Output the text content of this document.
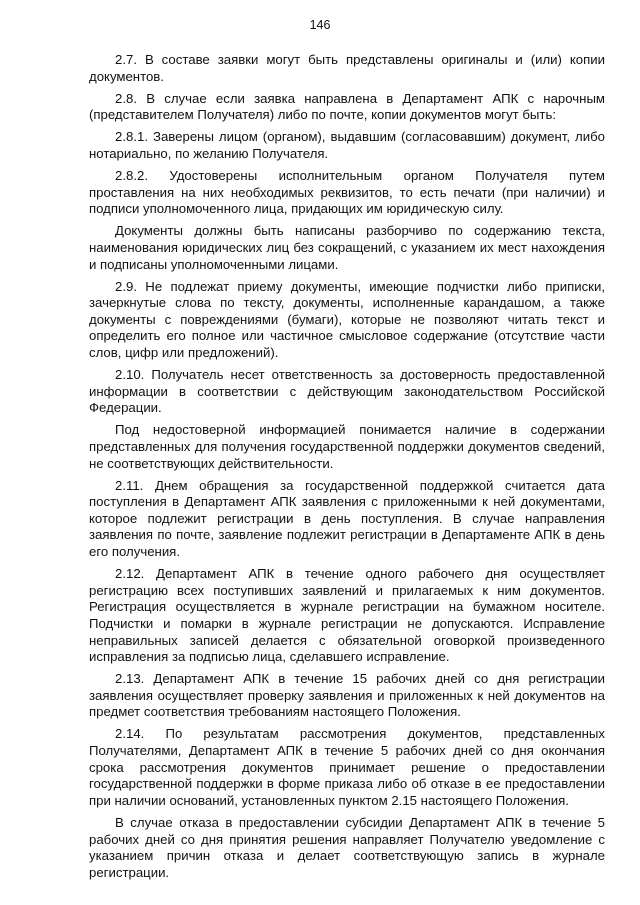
146

2.7. В составе заявки могут быть представлены оригиналы и (или) копии документов.

2.8. В случае если заявка направлена в Департамент АПК с нарочным (представителем Получателя) либо по почте, копии документов могут быть:

2.8.1. Заверены лицом (органом), выдавшим (согласовавшим) документ, либо нотариально, по желанию Получателя.

2.8.2. Удостоверены исполнительным органом Получателя путем проставления на них необходимых реквизитов, то есть печати (при наличии) и подписи уполномоченного лица, придающих им юридическую силу.

Документы должны быть написаны разборчиво по содержанию текста, наименования юридических лиц без сокращений, с указанием их мест нахождения и подписаны уполномоченными лицами.

2.9. Не подлежат приему документы, имеющие подчистки либо приписки, зачеркнутые слова по тексту, документы, исполненные карандашом, а также документы с повреждениями (бумаги), которые не позволяют читать текст и определить его полное или частичное смысловое содержание (отсутствие части слов, цифр или предложений).

2.10. Получатель несет ответственность за достоверность предоставленной информации в соответствии с действующим законодательством Российской Федерации.

Под недостоверной информацией понимается наличие в содержании представленных для получения государственной поддержки документов сведений, не соответствующих действительности.

2.11. Днем обращения за государственной поддержкой считается дата поступления в Департамент АПК заявления с приложенными к ней документами, которое подлежит регистрации в день поступления. В случае направления заявления по почте, заявление подлежит регистрации в Департаменте АПК в день его получения.

2.12. Департамент АПК в течение одного рабочего дня осуществляет регистрацию всех поступивших заявлений и прилагаемых к ним документов. Регистрация осуществляется в журнале регистрации на бумажном носителе. Подчистки и помарки в журнале регистрации не допускаются. Исправление неправильных записей делается с обязательной оговоркой произведенного исправления за подписью лица, сделавшего исправление.

2.13. Департамент АПК в течение 15 рабочих дней со дня регистрации заявления осуществляет проверку заявления и приложенных к ней документов на предмет соответствия требованиям настоящего Положения.

2.14. По результатам рассмотрения документов, представленных Получателями, Департамент АПК в течение 5 рабочих дней со дня окончания срока рассмотрения документов принимает решение о предоставлении государственной поддержки в форме приказа либо об отказе в ее предоставлении при наличии оснований, установленных пунктом 2.15 настоящего Положения.

В случае отказа в предоставлении субсидии Департамент АПК в течение 5 рабочих дней со дня принятия решения направляет Получателю уведомление с указанием причин отказа и делает соответствующую запись в журнале регистрации.
